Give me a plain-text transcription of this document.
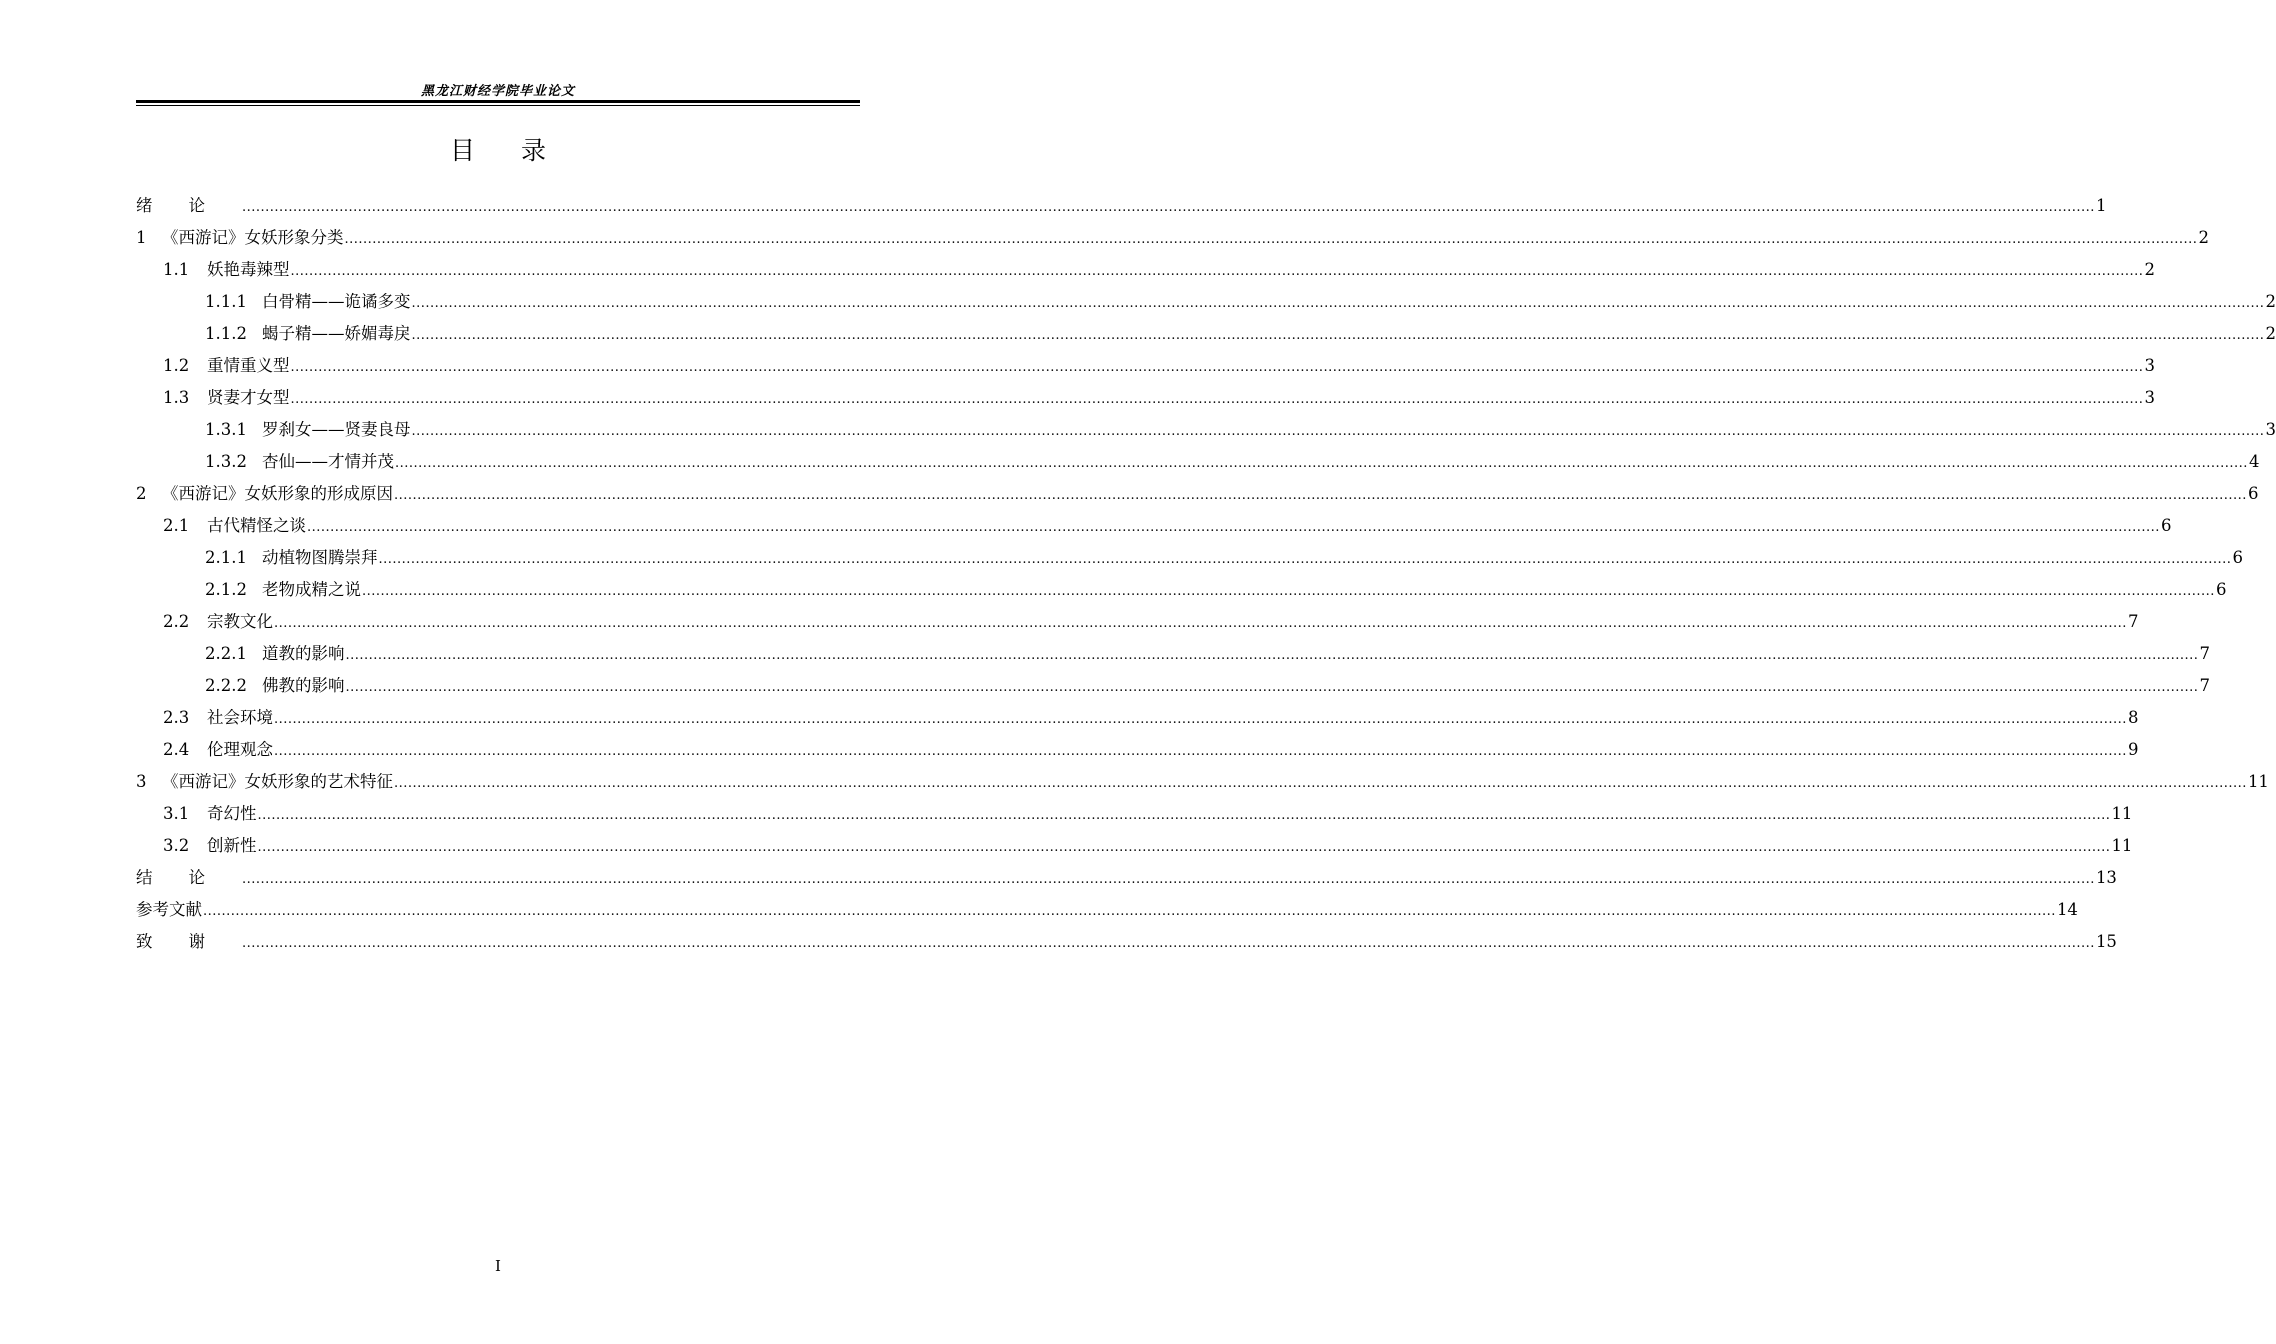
黑龙江财经学院毕业论文
目录
绪论 ................................................................................................................................................................................................................................................................................................................................................................................................................ 1
1 《西游记》女妖形象分类 ................................................................................................................................................................................................................................................................................................................................................................................................................ 2
1.1	妖艳毒辣型 ................................................................................................................................................................................................................................................................................................................................................................................................................ 2
1.1.1 白骨精——诡谲多变 ................................................................................................................................................................................................................................................................................................................................................................................................................ 2
1.1.2 蝎子精——娇媚毒戾 ................................................................................................................................................................................................................................................................................................................................................................................................................ 2
1.2	重情重义型 ................................................................................................................................................................................................................................................................................................................................................................................................................ 3
1.3	贤妻才女型 ................................................................................................................................................................................................................................................................................................................................................................................................................ 3
1.3.1 罗刹女——贤妻良母 ................................................................................................................................................................................................................................................................................................................................................................................................................ 3
1.3.2 杏仙——才情并茂 ................................................................................................................................................................................................................................................................................................................................................................................................................ 4
2 《西游记》女妖形象的形成原因 ................................................................................................................................................................................................................................................................................................................................................................................................................ 6
2.1	古代精怪之谈 ................................................................................................................................................................................................................................................................................................................................................................................................................ 6
2.1.1 动植物图腾崇拜 ................................................................................................................................................................................................................................................................................................................................................................................................................ 6
2.1.2 老物成精之说 ................................................................................................................................................................................................................................................................................................................................................................................................................ 6
2.2	宗教文化 ................................................................................................................................................................................................................................................................................................................................................................................................................ 7
2.2.1 道教的影响 ................................................................................................................................................................................................................................................................................................................................................................................................................ 7
2.2.2 佛教的影响 ................................................................................................................................................................................................................................................................................................................................................................................................................ 7
2.3	社会环境 ................................................................................................................................................................................................................................................................................................................................................................................................................ 8
2.4	伦理观念 ................................................................................................................................................................................................................................................................................................................................................................................................................ 9
3 《西游记》女妖形象的艺术特征 ................................................................................................................................................................................................................................................................................................................................................................................................................ 11
3.1	奇幻性 ................................................................................................................................................................................................................................................................................................................................................................................................................ 11
3.2	创新性 ................................................................................................................................................................................................................................................................................................................................................................................................................ 11
结论 ................................................................................................................................................................................................................................................................................................................................................................................................................ 13
参考文献 ................................................................................................................................................................................................................................................................................................................................................................................................................ 14
致谢 ................................................................................................................................................................................................................................................................................................................................................................................................................ 15
I
